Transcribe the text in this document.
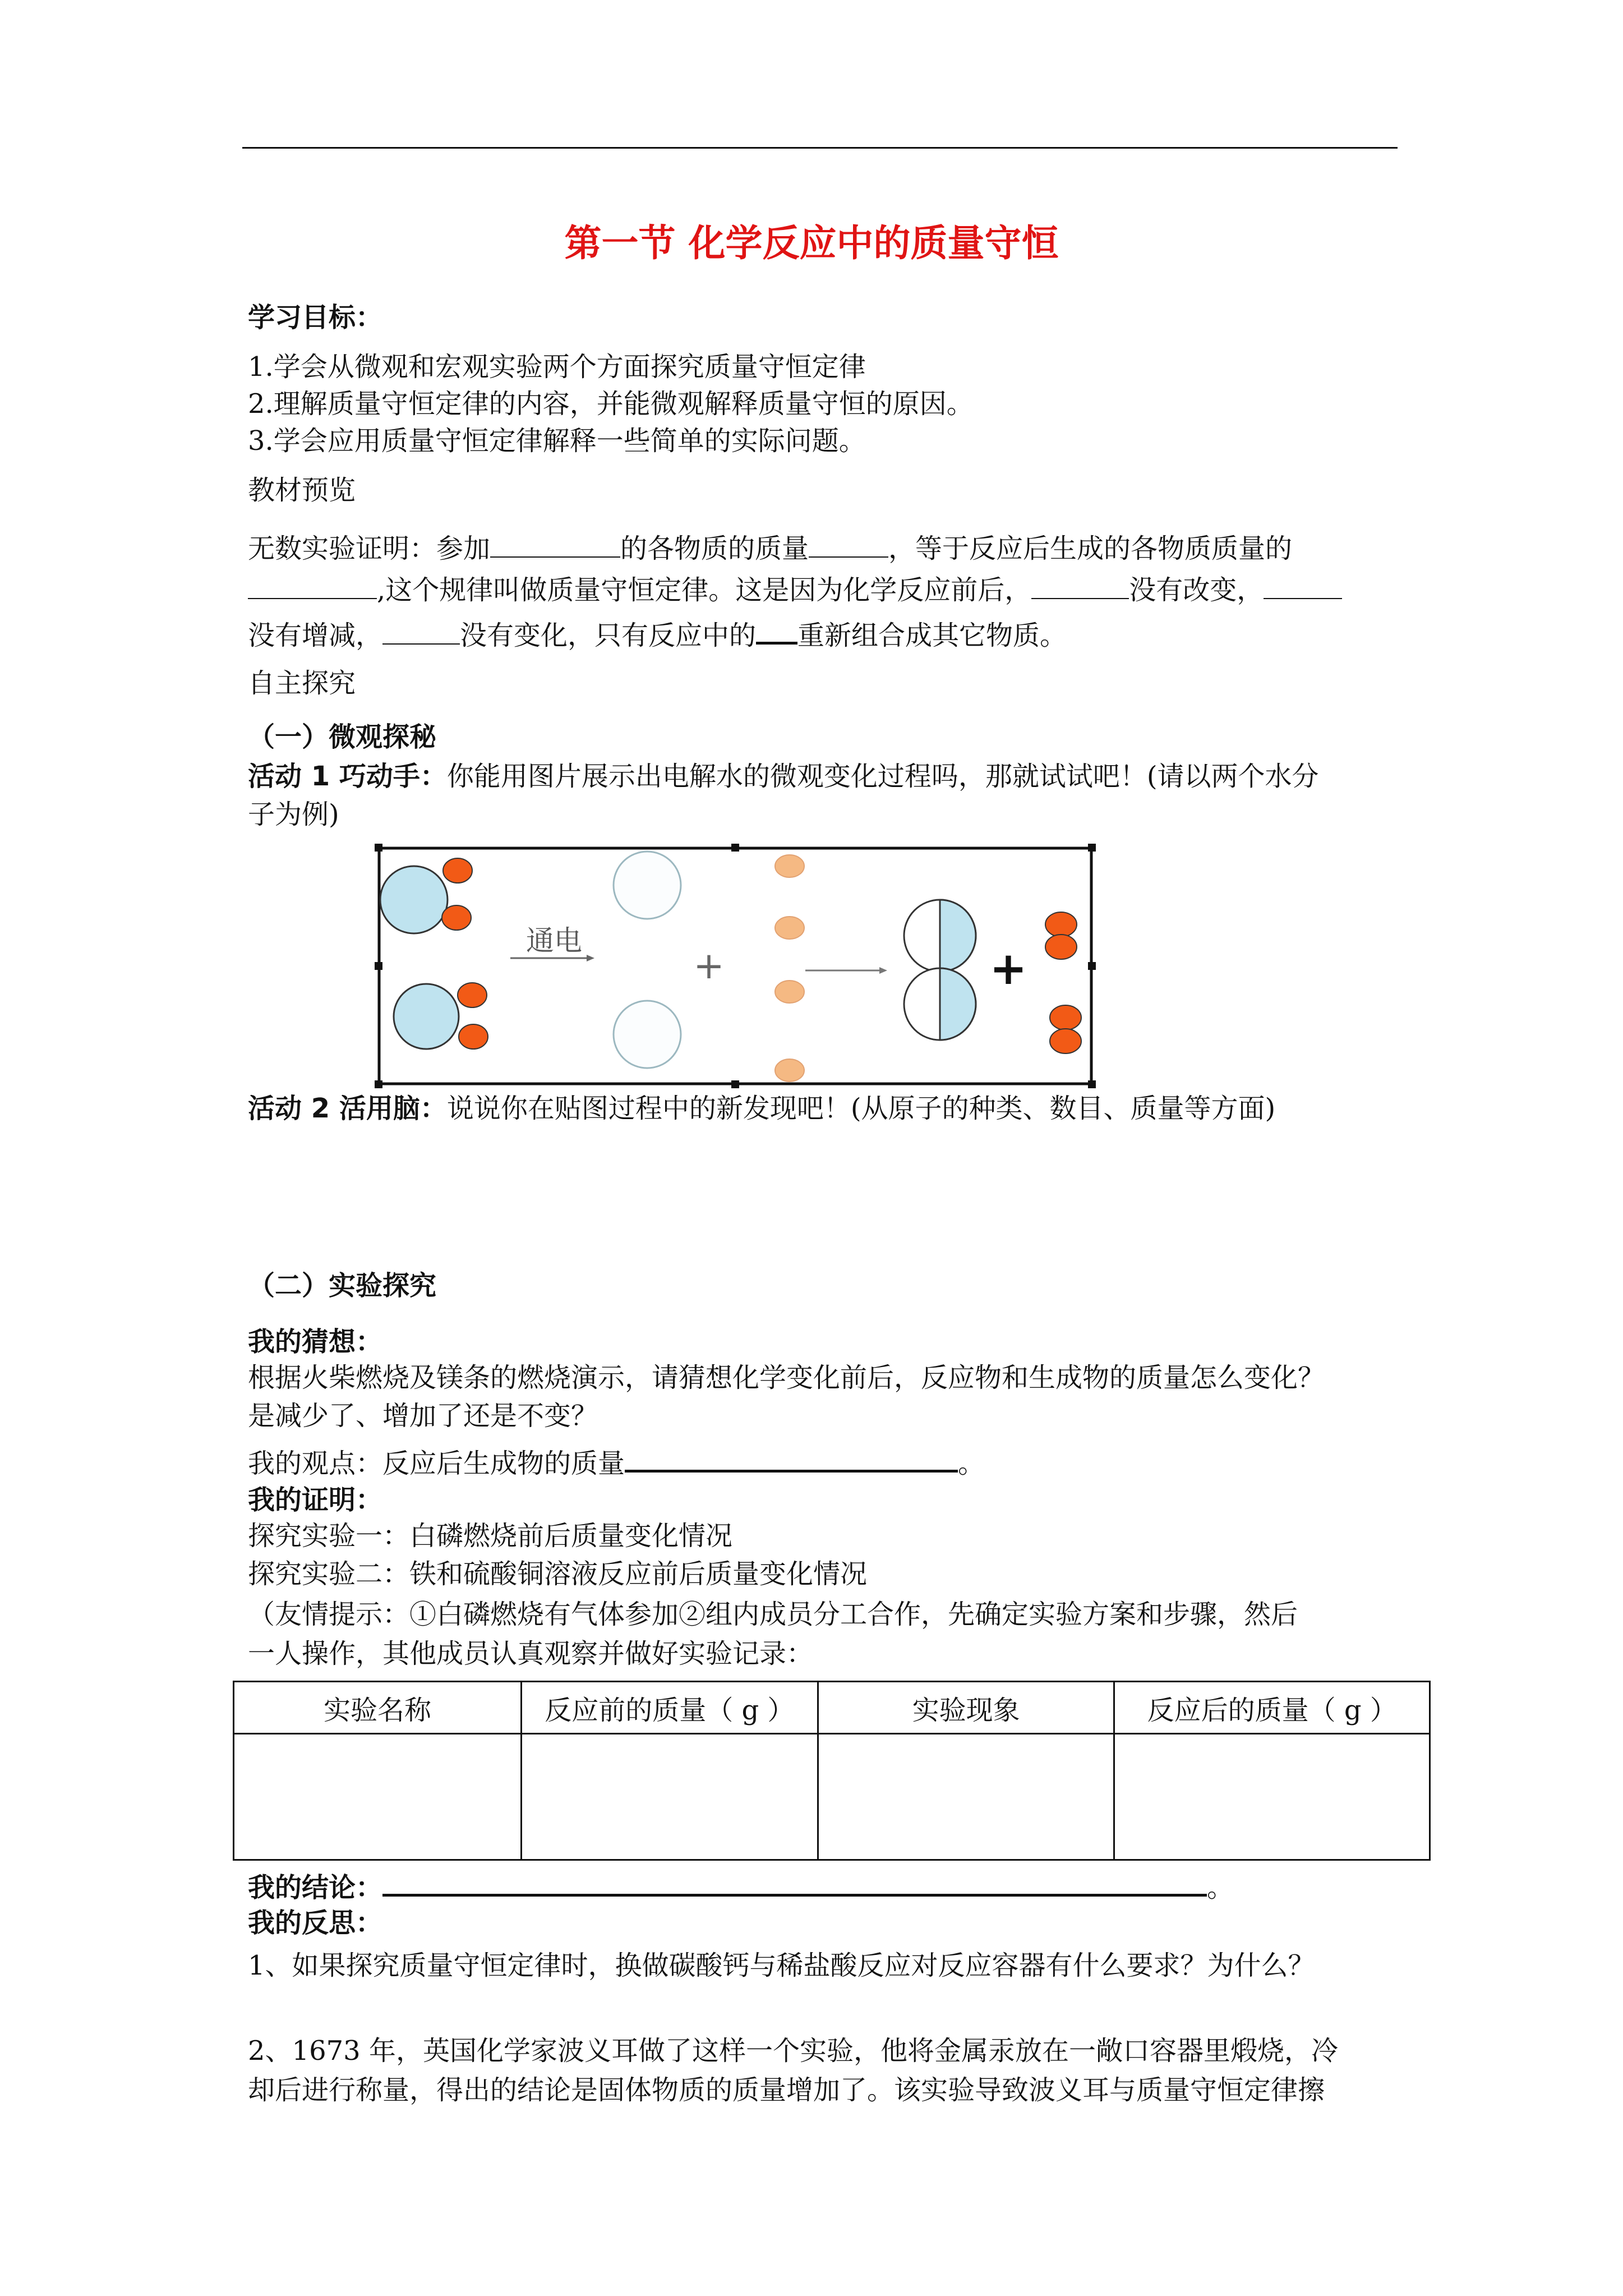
第一节 化学反应中的质量守恒
学习目标：
1.学会从微观和宏观实验两个方面探究质量守恒定律
2.理解质量守恒定律的内容，并能微观解释质量守恒的原因。
3.学会应用质量守恒定律解释一些简单的实际问题。
教材预览
无数实验证明：参加	的各物质的质量	，等于反应后生成的各物质质量的
,这个规律叫做质量守恒定律。这是因为化学反应前后，	没有改变，
没有增减，	没有变化，只有反应中的 重新组合成其它物质。
自主探究
（一）微观探秘
活动 1 巧动手：你能用图片展示出电解水的微观变化过程吗，那就试试吧！(请以两个水分
子为例)
通电
+	+
活动 2 活用脑：说说你在贴图过程中的新发现吧！(从原子的种类、数目、质量等方面)
（二）实验探究
我的猜想：
根据火柴燃烧及镁条的燃烧演示，请猜想化学变化前后，反应物和生成物的质量怎么变化？
是减少了、增加了还是不变？
我的观点：反应后生成物的质量	。
我的证明：
探究实验一：白磷燃烧前后质量变化情况
探究实验二：铁和硫酸铜溶液反应前后质量变化情况
（友情提示：①白磷燃烧有气体参加②组内成员分工合作，先确定实验方案和步骤，然后
一人操作，其他成员认真观察并做好实验记录：
实验名称	反应前的质量（ g ）	实验现象	反应后的质量（ g ）

我的结论：	。
我的反思：
1、如果探究质量守恒定律时，换做碳酸钙与稀盐酸反应对反应容器有什么要求？为什么？
2、1673 年，英国化学家波义耳做了这样一个实验，他将金属汞放在一敞口容器里煅烧，冷
却后进行称量，得出的结论是固体物质的质量增加了。该实验导致波义耳与质量守恒定律擦
